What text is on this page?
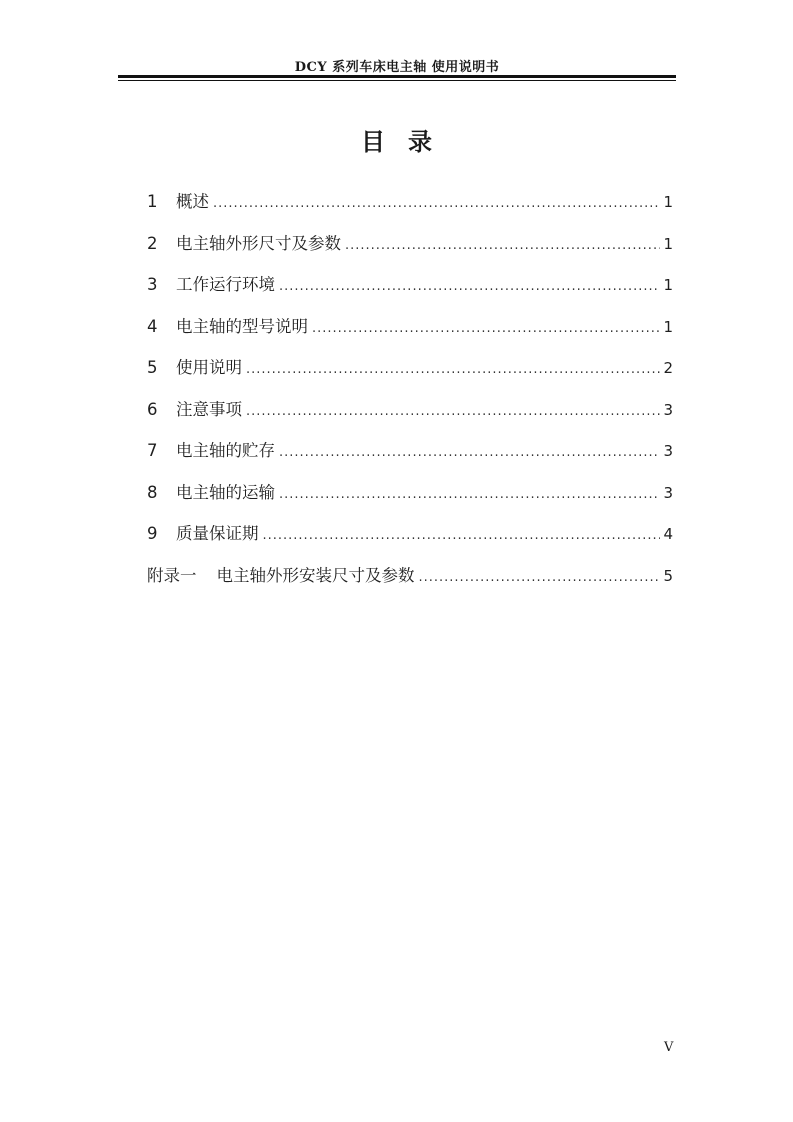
DCY 系列车床电主轴 使用说明书
目 录
1	概述 .....	1
2	电主轴外形尺寸及参数 .....	1
3	工作运行环境 .....	1
4	电主轴的型号说明 .....	1
5	使用说明 .....	2
6	注意事项 .....	3
7	电主轴的贮存 .....	3
8	电主轴的运输 .....	3
9	质量保证期 .....	4
附录一 电主轴外形安装尺寸及参数 .....	5
V
